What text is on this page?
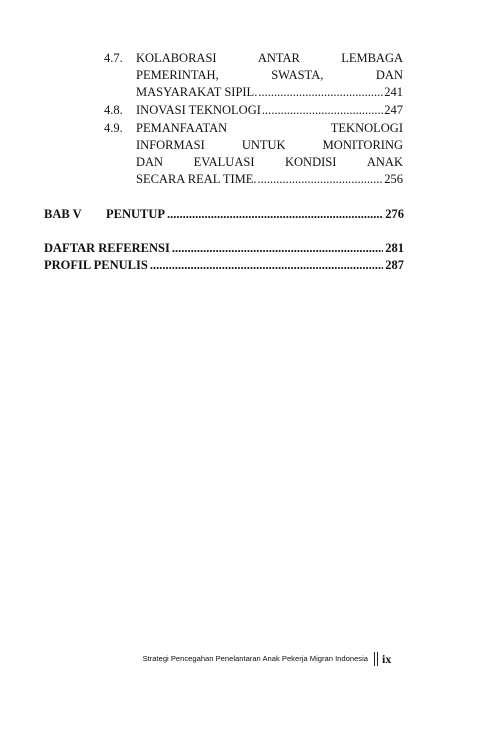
4.7. KOLABORASI	ANTAR	LEMBAGA
PEMERINTAH,	SWASTA,	DAN
MASYARAKAT SIPIL. .....	241
4.8. INOVASI TEKNOLOGI .....	247
4.9. PEMANFAATAN	TEKNOLOGI
INFORMASI	UNTUK	MONITORING
DAN EVALUASI KONDISI ANAK
SECARA REAL TIME. .....	256
BAB V	PENUTUP .....	276
DAFTAR REFERENSI .....	281
PROFIL PENULIS .....	287
Strategi Pencegahan Penelantaran Anak Pekerja Migran Indonesia ix
